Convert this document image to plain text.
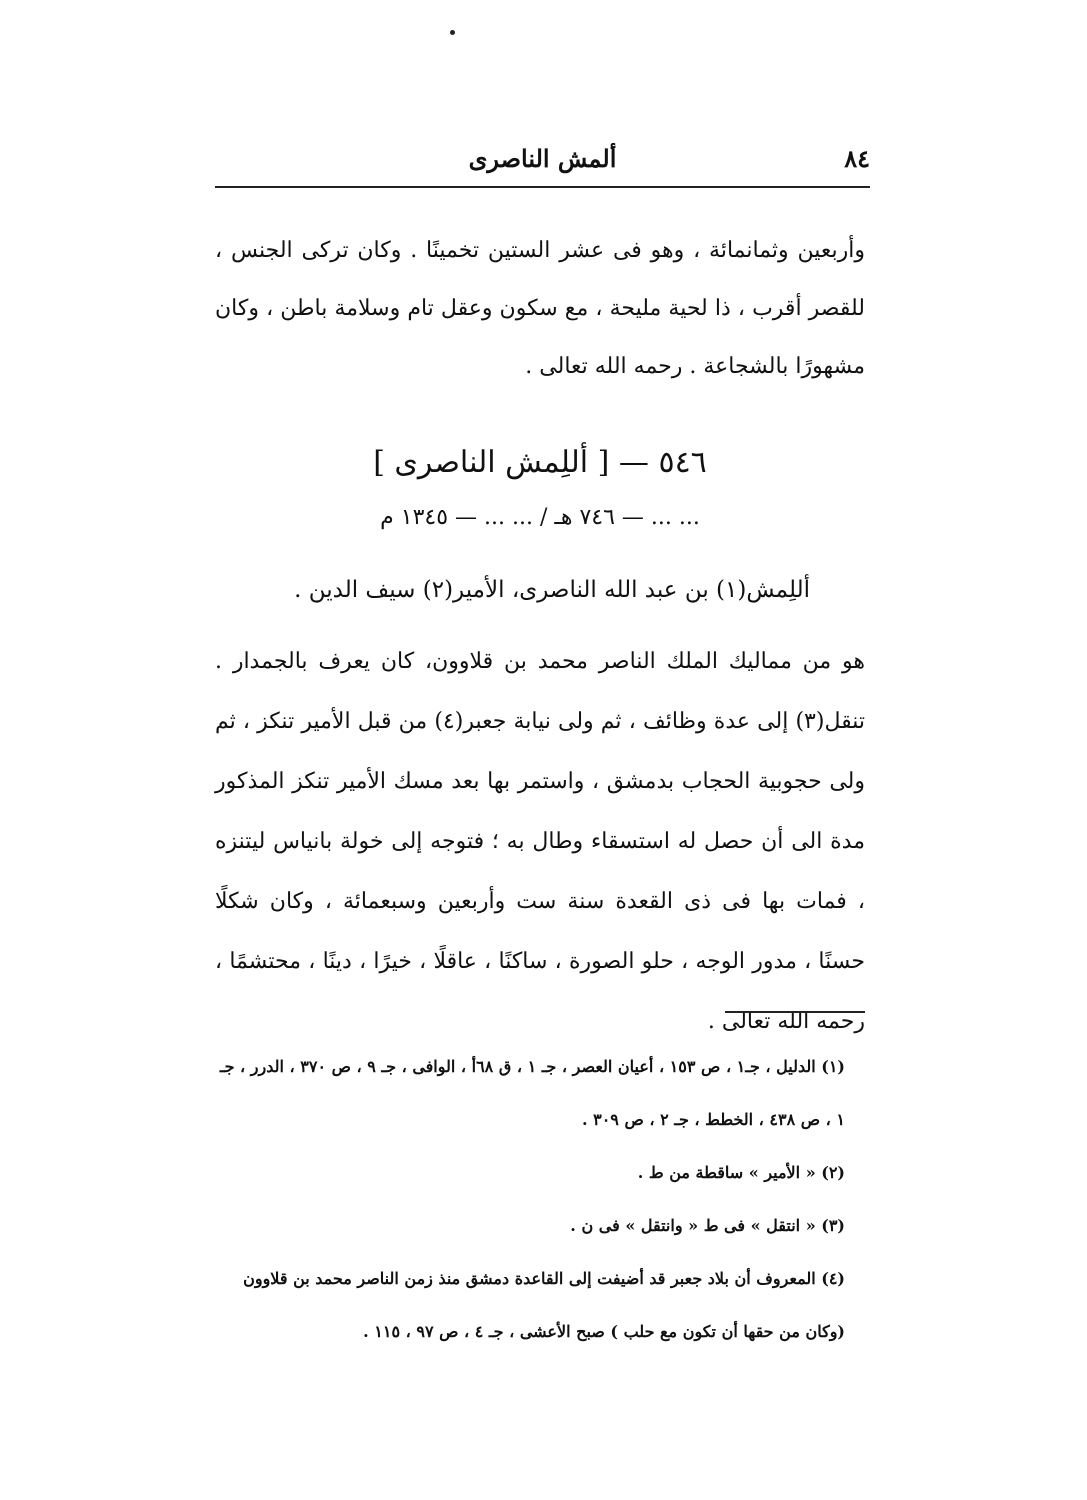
ألمش الناصرى	٨٤

وأربعين وثمانمائة ، وهو فى عشر الستين تخمينًا . وكان تركى الجنس ، للقصر أقرب ، ذا لحية مليحة ، مع سكون وعقل تام وسلامة باطن ، وكان مشهورًا بالشجاعة . رحمه الله تعالى .

٥٤٦ — [ أللِمش الناصرى ]
... ... — ٧٤٦ هـ / ... ... — ١٣٤٥ م
أللِمش(١) بن عبد الله الناصرى، الأمير(٢) سيف الدين .

هو من مماليك الملك الناصر محمد بن قلاوون، كان يعرف بالجمدار . تنقل(٣) إلى عدة وظائف ، ثم ولى نيابة جعبر(٤) من قبل الأمير تنكز ، ثم ولى حجوبية الحجاب بدمشق ، واستمر بها بعد مسك الأمير تنكز المذكور مدة الى أن حصل له استسقاء وطال به ؛ فتوجه إلى خولة بانياس ليتنزه ، فمات بها فى ذى القعدة سنة ست وأربعين وسبعمائة ، وكان شكلًا حسنًا ، مدور الوجه ، حلو الصورة ، ساكنًا ، عاقلًا ، خيرًا ، دينًا ، محتشمًا ، رحمه الله تعالى .

(١) الدليل ، جـ١ ، ص ١٥٣ ، أعيان العصر ، جـ ١ ، ق ٦٨أ ، الوافى ، جـ ٩ ، ص ٣٧٠ ، الدرر ، جـ ١ ، ص ٤٣٨ ، الخطط ، جـ ٢ ، ص ٣٠٩ .

(٢) « الأمير » ساقطة من ط .

(٣) « انتقل » فى ط « وانتقل » فى ن .

(٤) المعروف أن بلاد جعبر قد أضيفت إلى القاعدة دمشق منذ زمن الناصر محمد بن قلاوون (وكان من حقها أن تكون مع حلب ) صبح الأعشى ، جـ ٤ ، ص ٩٧ ، ١١٥ .
